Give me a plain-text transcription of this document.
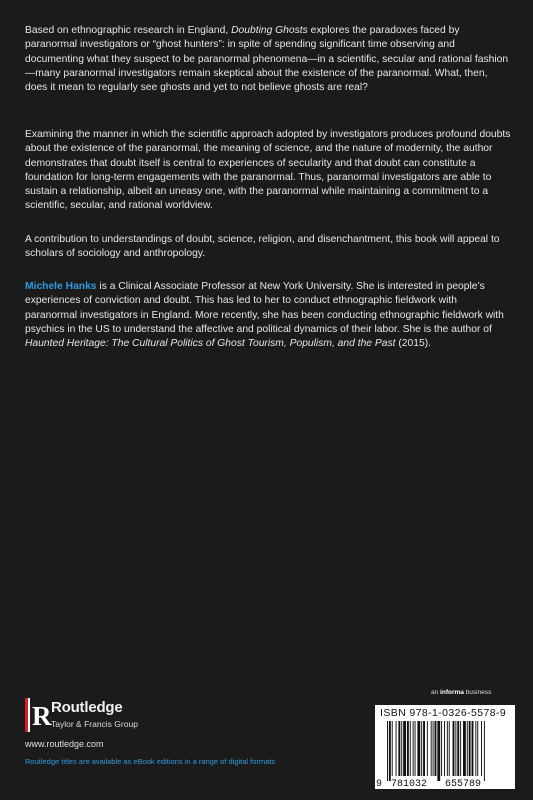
Based on ethnographic research in England, Doubting Ghosts explores the paradoxes faced by paranormal investigators or “ghost hunters”: in spite of spending significant time observing and documenting what they suspect to be paranormal phenomena—in a scientific, secular and rational fashion—many paranormal investigators remain skeptical about the existence of the paranormal. What, then, does it mean to regularly see ghosts and yet to not believe ghosts are real?

Examining the manner in which the scientific approach adopted by investigators produces profound doubts about the existence of the paranormal, the meaning of science, and the nature of modernity, the author demonstrates that doubt itself is central to experiences of secularity and that doubt can constitute a foundation for long-term engagements with the paranormal. Thus, paranormal investigators are able to sustain a relationship, albeit an uneasy one, with the paranormal while maintaining a commitment to a scientific, secular, and rational worldview.

A contribution to understandings of doubt, science, religion, and disenchantment, this book will appeal to scholars of sociology and anthropology.

Michele Hanks is a Clinical Associate Professor at New York University. She is interested in people’s experiences of conviction and doubt. This has led to her to conduct ethnographic fieldwork with paranormal investigators in England. More recently, she has been conducting ethnographic fieldwork with psychics in the US to understand the affective and political dynamics of their labor. She is the author of Haunted Heritage: The Cultural Politics of Ghost Tourism, Populism, and the Past (2015).

an informa business
R Routledge
Taylor & Francis Group
www.routledge.com
Routledge titles are available as eBook editions in a range of digital formats
ISBN 978-1-0326-5578-9
9 781032 655789
